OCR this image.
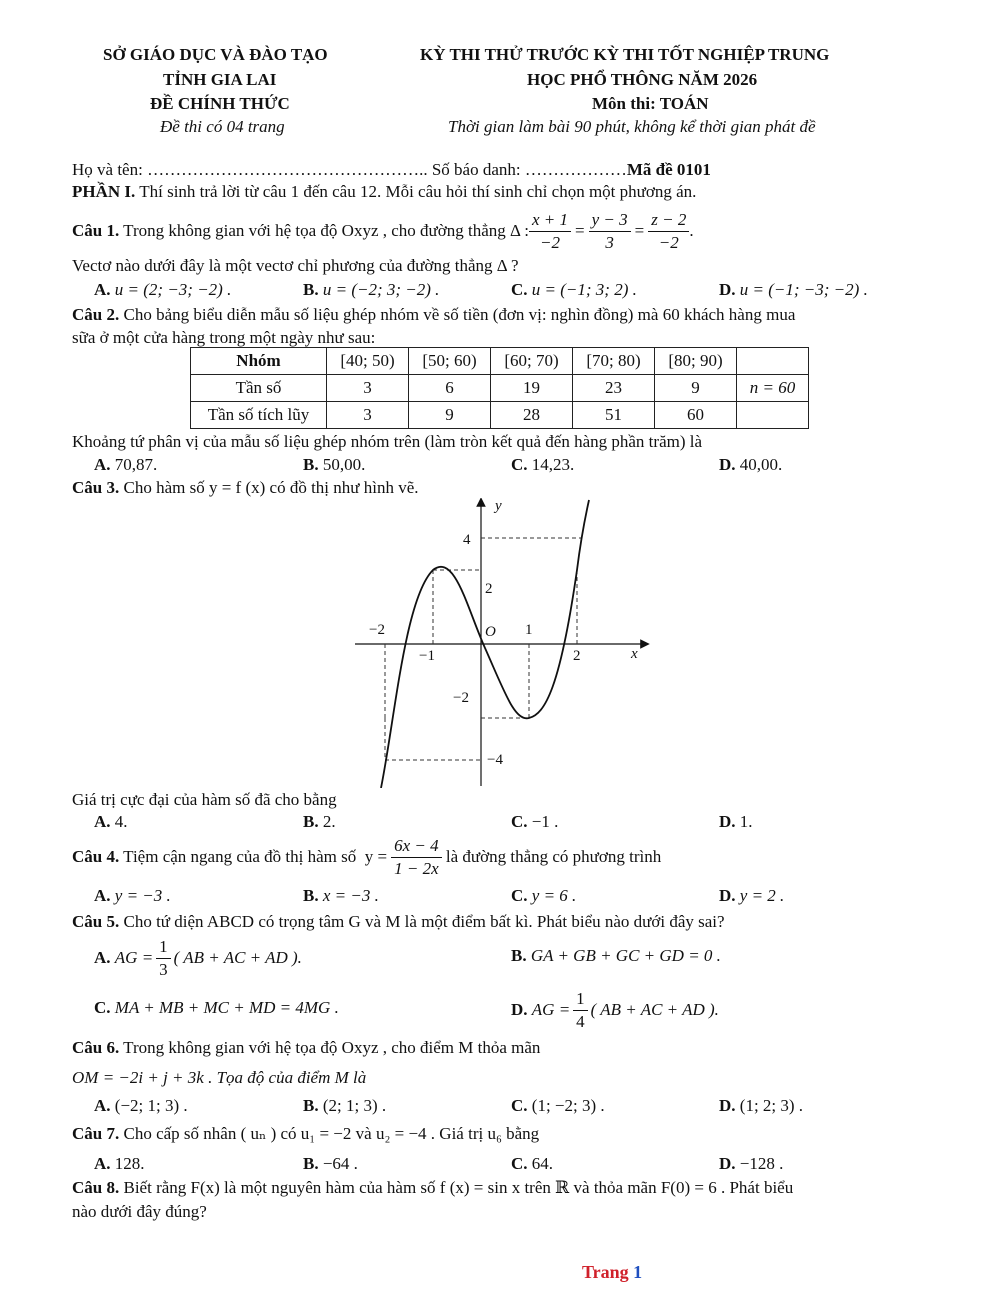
SỞ GIÁO DỤC VÀ ĐÀO TẠO
TỈNH GIA LAI
ĐỀ CHÍNH THỨC
Đề thi có 04 trang
KỲ THI THỬ TRƯỚC KỲ THI TỐT NGHIỆP TRUNG
HỌC PHỔ THÔNG NĂM 2026
Môn thi: TOÁN
Thời gian làm bài 90 phút, không kể thời gian phát đề
Họ và tên: ………………………………………….. Số báo danh: ………………Mã đề 0101
PHẦN I. Thí sinh trả lời từ câu 1 đến câu 12. Mỗi câu hỏi thí sinh chỉ chọn một phương án.
Câu 1. Trong không gian với hệ tọa độ Oxyz , cho đường thẳng Δ : $\frac{x + 1}{-2} = \frac{y - 3}{3} = \frac{z - 2}{-2}$ .
Vectơ nào dưới đây là một vectơ chỉ phương của đường thẳng Δ ?
A. u = (2; −3; −2) .	B. u = (−2; 3; −2) .	C. u = (−1; 3; 2) .	D. u = (−1; −3; −2) .
Câu 2. Cho bảng biểu diễn mẫu số liệu ghép nhóm về số tiền (đơn vị: nghìn đồng) mà 60 khách hàng mua
sữa ở một cửa hàng trong một ngày như sau:
Nhóm	[40; 50)	[50; 60)	[60; 70)	[70; 80)	[80; 90)	
Tần số	3	6	19	23	9	n = 60
Tần số tích lũy	3	9	28	51	60	
Khoảng tứ phân vị của mẫu số liệu ghép nhóm trên (làm tròn kết quả đến hàng phần trăm) là
A. 70,87.	B. 50,00.	C. 14,23.	D. 40,00.
Câu 3. Cho hàm số y = f (x) có đồ thị như hình vẽ.
y
x
O
4
2
−2
−4
−2
−1
1
2
Giá trị cực đại của hàm số đã cho bằng
A. 4.	B. 2.	C. −1 .	D. 1.
Câu 4. Tiệm cận ngang của đồ thị hàm số  $y = \frac{6x - 4}{1 - 2x}$ là đường thẳng có phương trình
A. y = −3 .	B. x = −3 .	C. y = 6 .	D. y = 2 .
Câu 5. Cho tứ diện ABCD có trọng tâm G và M là một điểm bất kì. Phát biểu nào dưới đây sai?
A.
AG = $\frac{1}{3}$ ( AB + AC + AD ).	B. GA + GB + GC + GD = 0 .
C. MA + MB + MC + MD = 4MG .	D.
AG = $\frac{1}{4}$ ( AB + AC + AD ).
Câu 6. Trong không gian với hệ tọa độ Oxyz , cho điểm M thỏa mãn
OM = −2i + j + 3k . Tọa độ của điểm M là
A. (−2; 1; 3) .	B. (2; 1; 3) .	C. (1; −2; 3) .	D. (1; 2; 3) .
Câu 7. Cho cấp số nhân ( uₙ ) có u₁ = −2 và u₂ = −4 . Giá trị u₆ bằng
A. 128.	B. −64 .	C. 64.	D. −128 .
Câu 8. Biết rằng F(x) là một nguyên hàm của hàm số f (x) = sin x trên ℝ và thỏa mãn F(0) = 6 . Phát biểu
nào dưới đây đúng?
Trang 1
